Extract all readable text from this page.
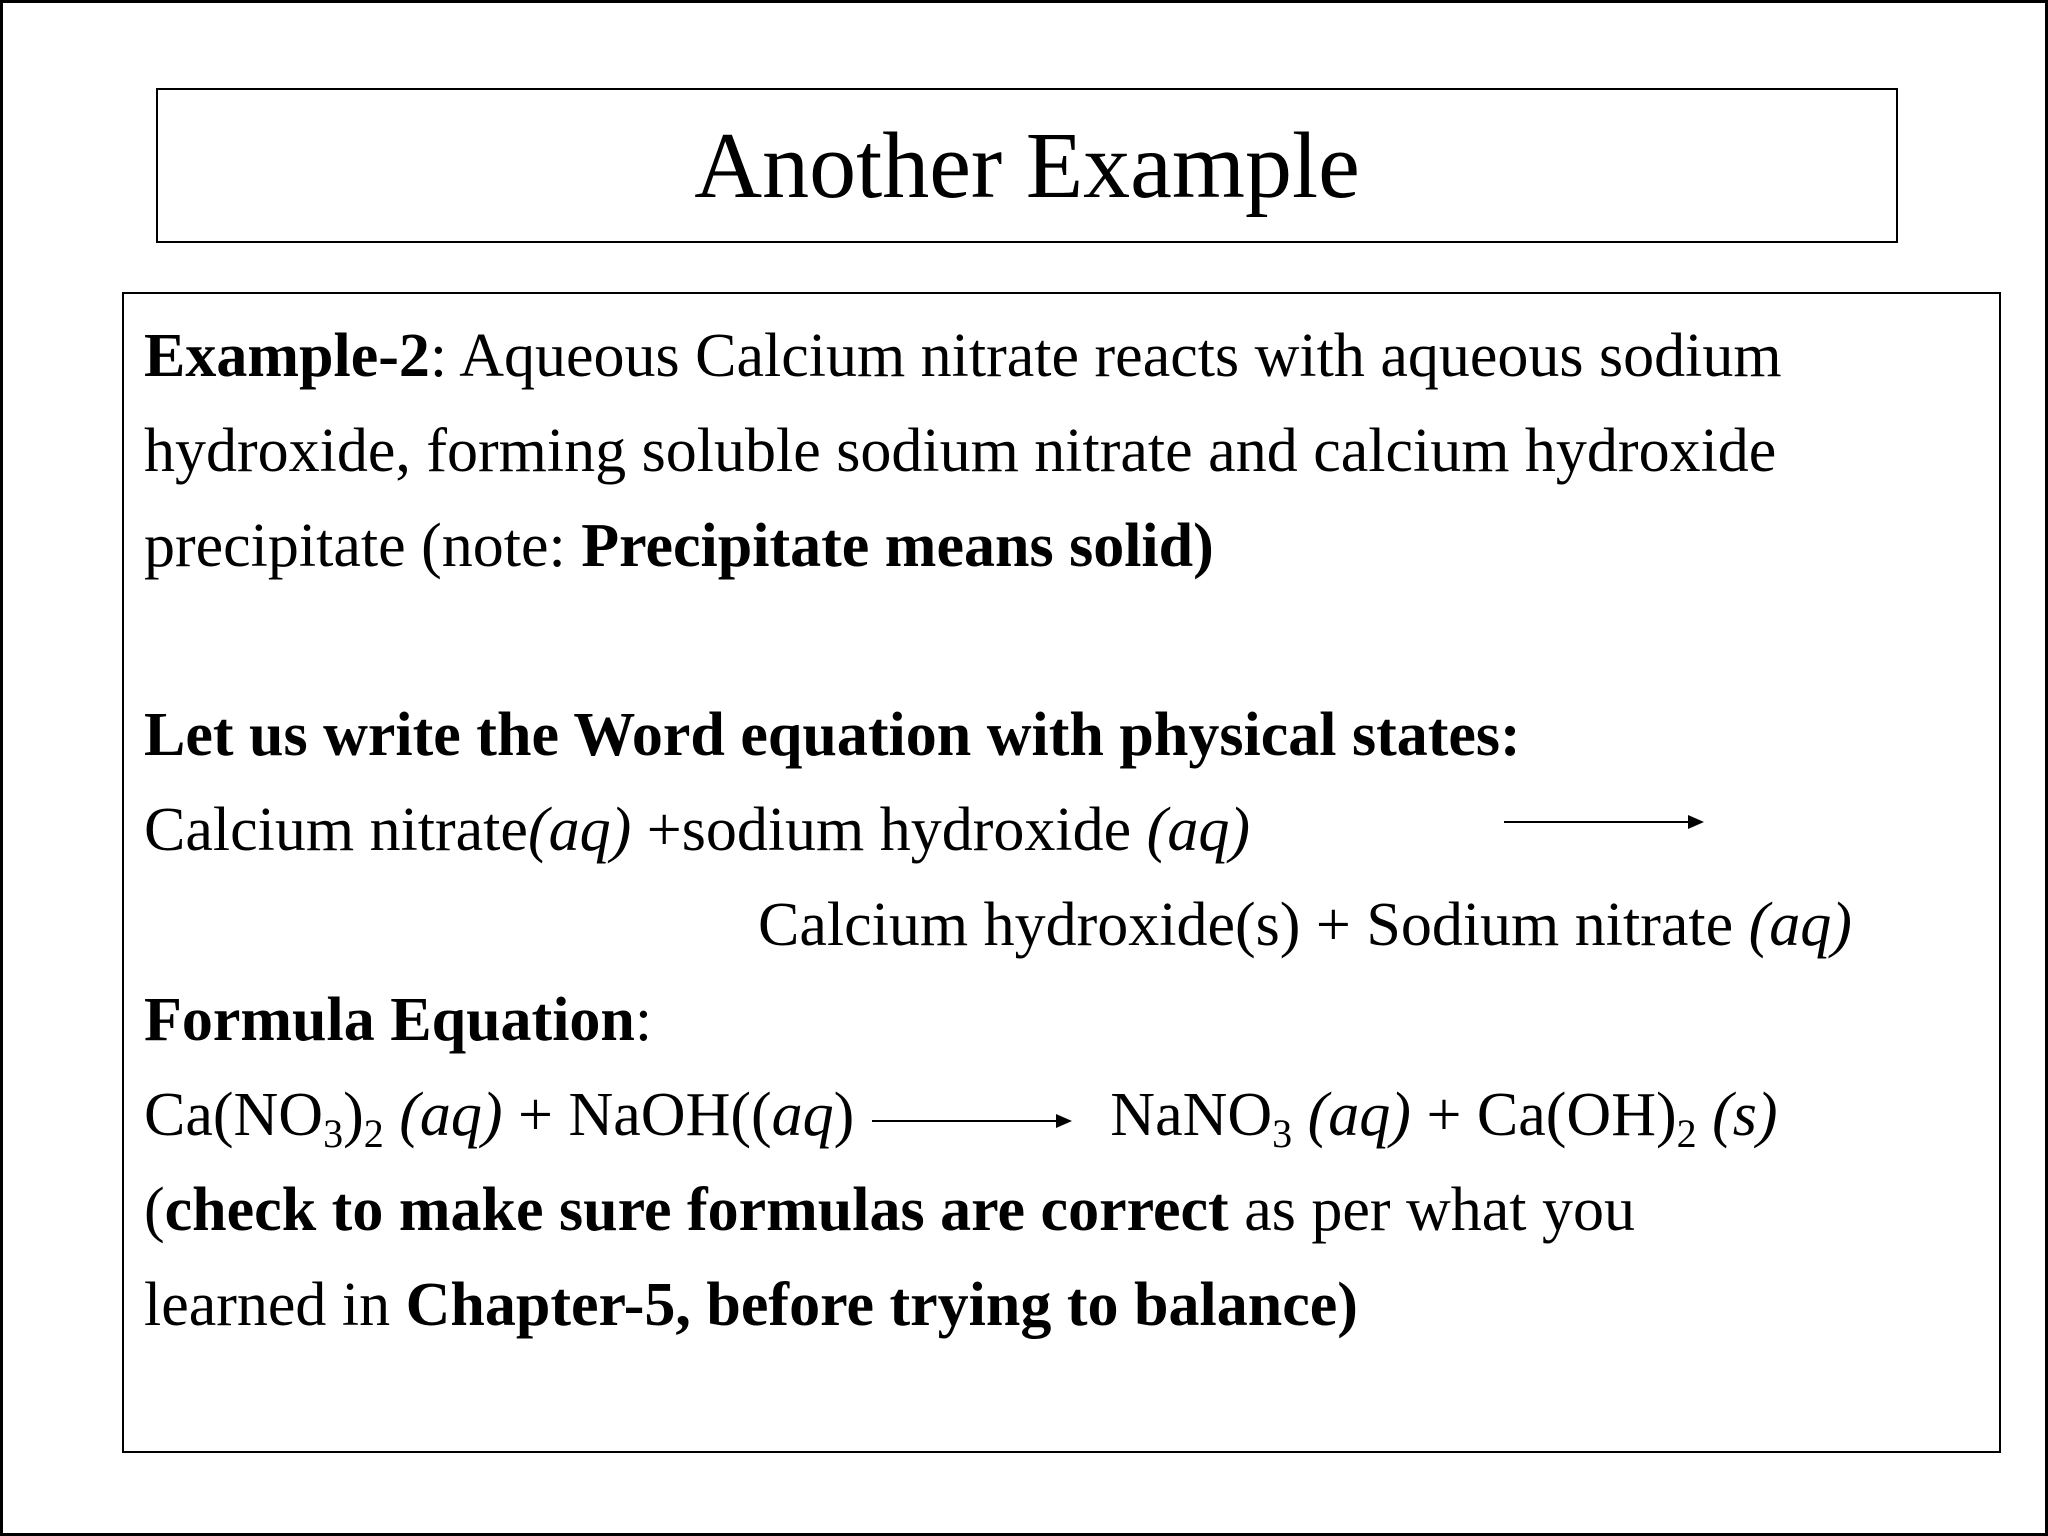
Another Example
Example-2: Aqueous Calcium nitrate reacts with aqueous sodium
hydroxide, forming soluble sodium nitrate and calcium hydroxide
precipitate (note: Precipitate means solid)
Let us write the Word equation with physical states:
Calcium nitrate(aq) +sodium hydroxide (aq)
Calcium hydroxide(s) + Sodium nitrate (aq)
Formula Equation:
$Ca(NO_3)_2$ (aq) + NaOH((aq)	NaNO$_3$ $(aq) + Ca(OH)_2$ (s)
(check to make sure formulas are correct as per what you
learned in Chapter-5, before trying to balance)
